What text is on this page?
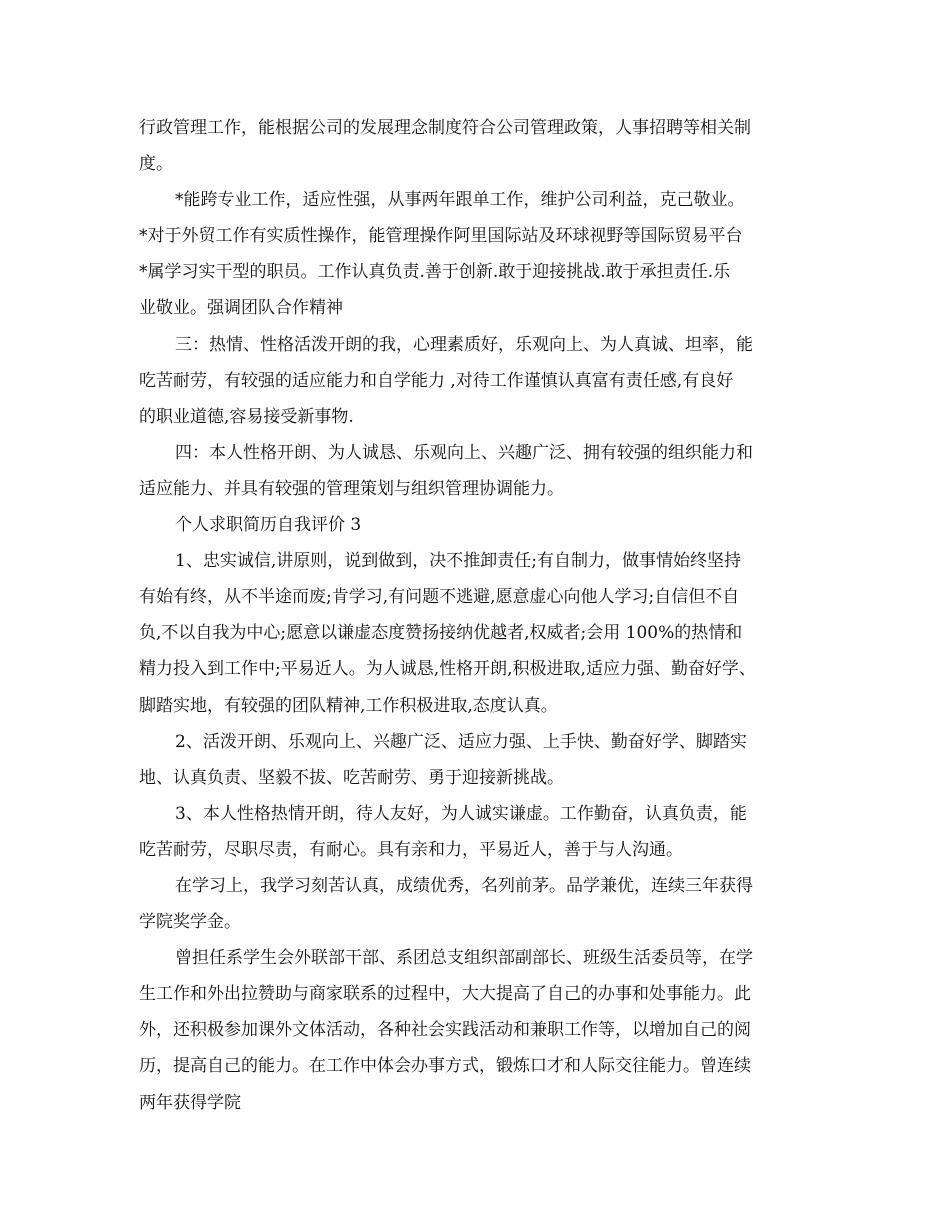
行政管理工作，能根据公司的发展理念制度符合公司管理政策，人事招聘等相关制
度。
*能跨专业工作，适应性强，从事两年跟单工作，维护公司利益，克己敬业。
*对于外贸工作有实质性操作，能管理操作阿里国际站及环球视野等国际贸易平台
*属学习实干型的职员。工作认真负责.善于创新.敢于迎接挑战.敢于承担责任.乐
业敬业。强调团队合作精神
三：热情、性格活泼开朗的我，心理素质好，乐观向上、为人真诚、坦率，能
吃苦耐劳，有较强的适应能力和自学能力 ,对待工作谨慎认真富有责任感,有良好
的职业道德,容易接受新事物.
四：本人性格开朗、为人诚恳、乐观向上、兴趣广泛、拥有较强的组织能力和
适应能力、并具有较强的管理策划与组织管理协调能力。
个人求职简历自我评价 3
1、忠实诚信,讲原则，说到做到，决不推卸责任;有自制力，做事情始终坚持
有始有终，从不半途而废;肯学习,有问题不逃避,愿意虚心向他人学习;自信但不自
负,不以自我为中心;愿意以谦虚态度赞扬接纳优越者,权威者;会用 100%的热情和
精力投入到工作中;平易近人。为人诚恳,性格开朗,积极进取,适应力强、勤奋好学、
脚踏实地，有较强的团队精神,工作积极进取,态度认真。
2、活泼开朗、乐观向上、兴趣广泛、适应力强、上手快、勤奋好学、脚踏实
地、认真负责、坚毅不拔、吃苦耐劳、勇于迎接新挑战。
3、本人性格热情开朗，待人友好，为人诚实谦虚。工作勤奋，认真负责，能
吃苦耐劳，尽职尽责，有耐心。具有亲和力，平易近人，善于与人沟通。
在学习上，我学习刻苦认真，成绩优秀，名列前茅。品学兼优，连续三年获得
学院奖学金。
曾担任系学生会外联部干部、系团总支组织部副部长、班级生活委员等，在学
生工作和外出拉赞助与商家联系的过程中，大大提高了自己的办事和处事能力。此
外，还积极参加课外文体活动，各种社会实践活动和兼职工作等，以增加自己的阅
历，提高自己的能力。在工作中体会办事方式，锻炼口才和人际交往能力。曾连续
两年获得学院
